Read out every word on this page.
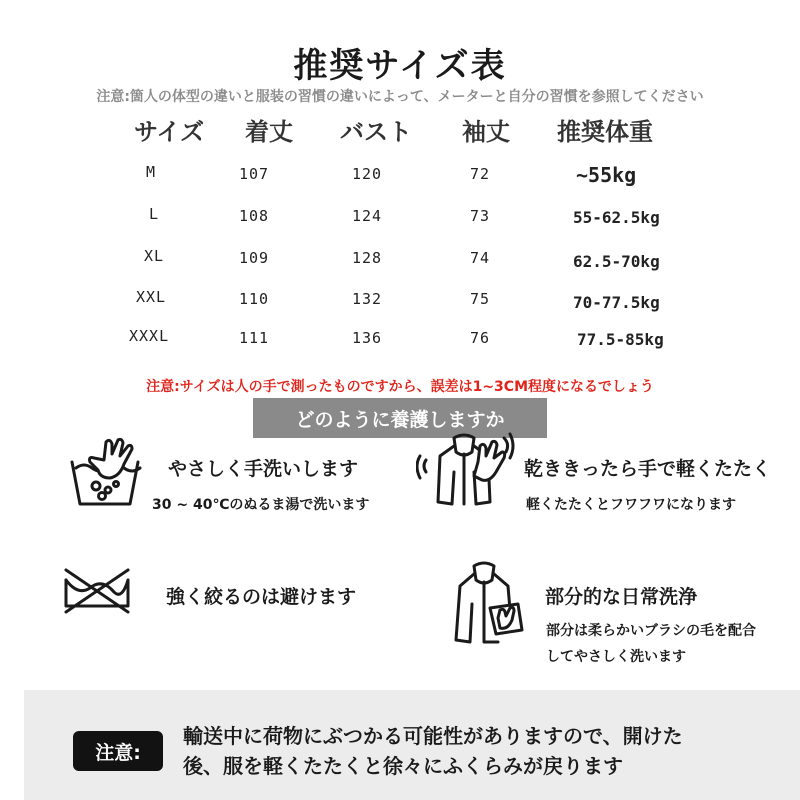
推奨サイズ表
注意:箇人の体型の違いと服装の習慣の違いによって、メーターと自分の習慣を参照してください
サイズ 着丈 バスト 袖丈 推奨体重
M	107	120	72	~55kg
L	108	124	73	55-62.5kg
XL	109	128	74	62.5-70kg
XXL	110	132	75	70-77.5kg
XXXL	111	136	76	77.5-85kg
注意:サイズは人の手で測ったものですから、誤差は1~3CM程度になるでしょう
どのように養護しますか
やさしく手洗いします
30 ~ 40℃のぬるま湯で洗います
乾ききったら手で軽くたたく
軽くたたくとフワフワになります
強く絞るのは避けます	部分的な日常洗浄
部分は柔らかいブラシの毛を配合
してやさしく洗います
注意:
輸送中に荷物にぶつかる可能性がありますので、開けた
後、服を軽くたたくと徐々にふくらみが戻ります
